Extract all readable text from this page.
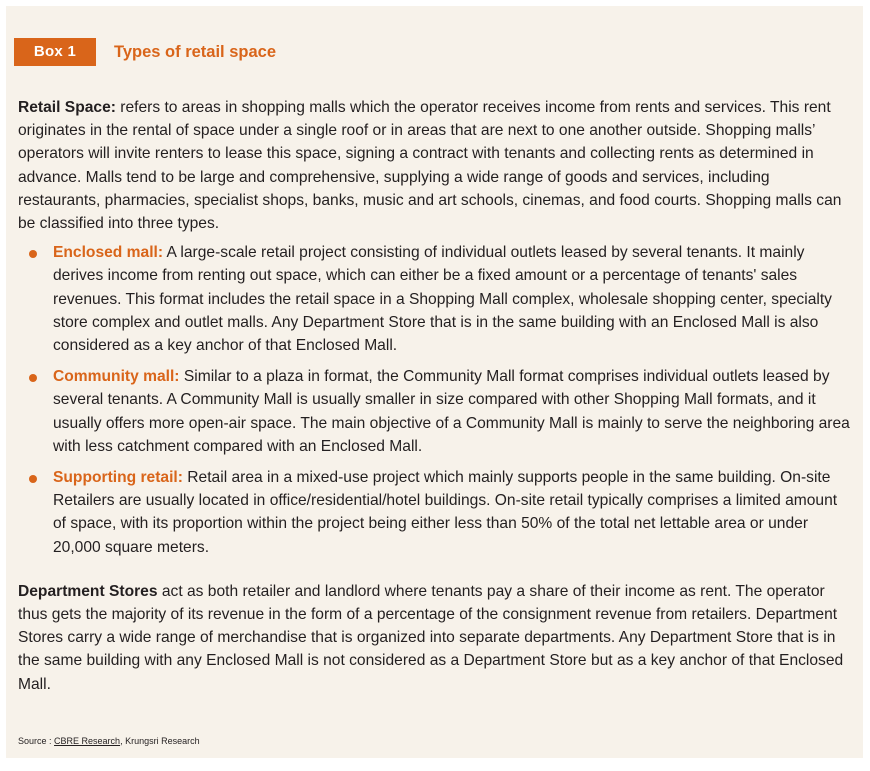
Box 1	Types of retail space

Retail Space: refers to areas in shopping malls which the operator receives income from rents and services. This rent originates in the rental of space under a single roof or in areas that are next to one another outside. Shopping malls’ operators will invite renters to lease this space, signing a contract with tenants and collecting rents as determined in advance. Malls tend to be large and comprehensive, supplying a wide range of goods and services, including restaurants, pharmacies, specialist shops, banks, music and art schools, cinemas, and food courts. Shopping malls can be classified into three types.

Enclosed mall: A large-scale retail project consisting of individual outlets leased by several tenants. It mainly derives income from renting out space, which can either be a fixed amount or a percentage of tenants' sales revenues. This format includes the retail space in a Shopping Mall complex, wholesale shopping center, specialty store complex and outlet malls. Any Department Store that is in the same building with an Enclosed Mall is also considered as a key anchor of that Enclosed Mall.
Community mall: Similar to a plaza in format, the Community Mall format comprises individual outlets leased by several tenants. A Community Mall is usually smaller in size compared with other Shopping Mall formats, and it usually offers more open-air space. The main objective of a Community Mall is mainly to serve the neighboring area with less catchment compared with an Enclosed Mall.
Supporting retail: Retail area in a mixed-use project which mainly supports people in the same building. On-site Retailers are usually located in office/residential/hotel buildings. On-site retail typically comprises a limited amount of space, with its proportion within the project being either less than 50% of the total net lettable area or under 20,000 square meters.

Department Stores act as both retailer and landlord where tenants pay a share of their income as rent. The operator thus gets the majority of its revenue in the form of a percentage of the consignment revenue from retailers. Department Stores carry a wide range of merchandise that is organized into separate departments. Any Department Store that is in the same building with any Enclosed Mall is not considered as a Department Store but as a key anchor of that Enclosed Mall.

Source : CBRE Research, Krungsri Research
